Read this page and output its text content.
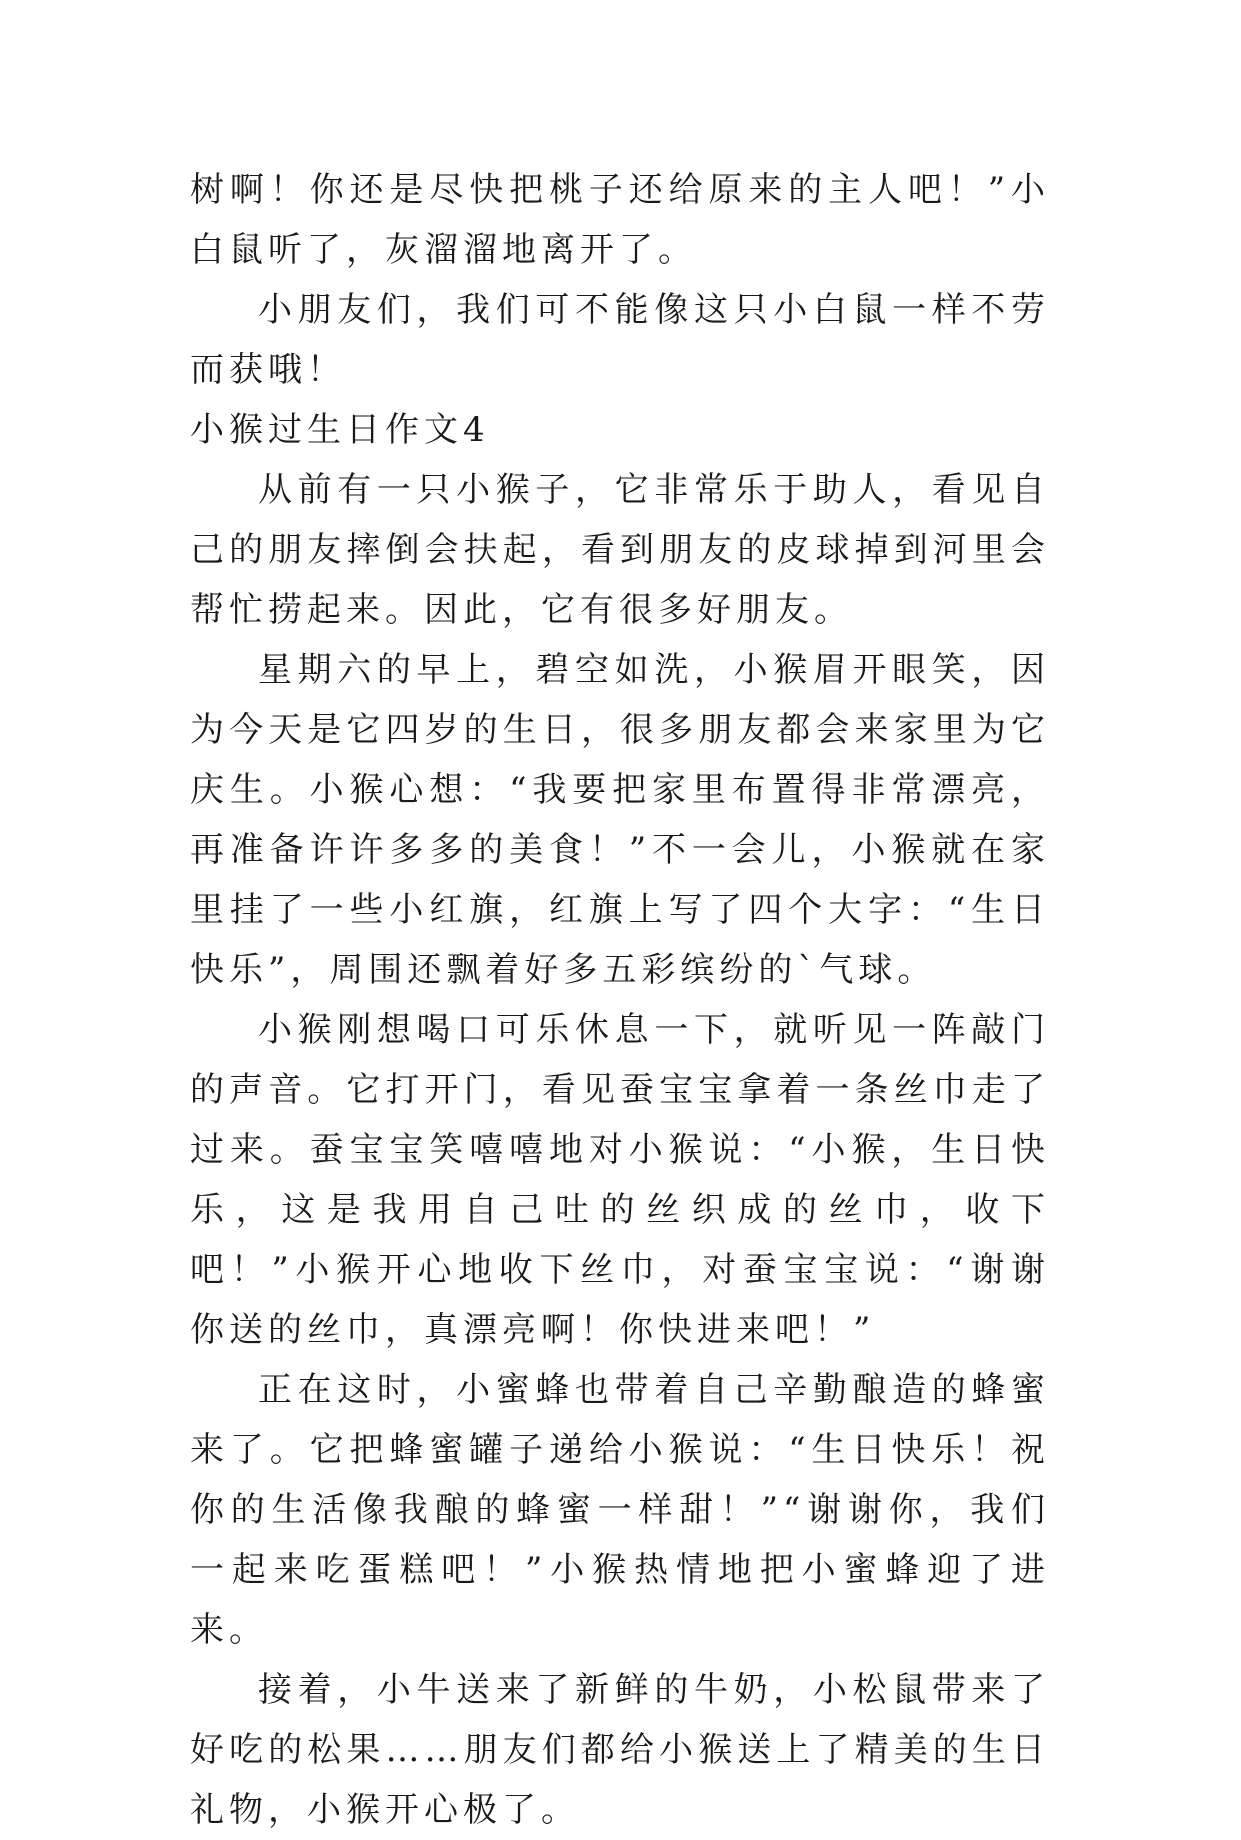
树啊！你还是尽快把桃子还给原来的主人吧！”小白鼠听了，灰溜溜地离开了。

小朋友们，我们可不能像这只小白鼠一样不劳而获哦！

小猴过生日作文4

从前有一只小猴子，它非常乐于助人，看见自己的朋友摔倒会扶起，看到朋友的皮球掉到河里会帮忙捞起来。因此，它有很多好朋友。

星期六的早上，碧空如洗，小猴眉开眼笑，因为今天是它四岁的生日，很多朋友都会来家里为它庆生。小猴心想：“我要把家里布置得非常漂亮，再准备许许多多的美食！”不一会儿，小猴就在家里挂了一些小红旗，红旗上写了四个大字：“生日快乐”，周围还飘着好多五彩缤纷的`气球。

小猴刚想喝口可乐休息一下，就听见一阵敲门的声音。它打开门，看见蚕宝宝拿着一条丝巾走了过来。蚕宝宝笑嘻嘻地对小猴说：“小猴，生日快乐，这是我用自己吐的丝织成的丝巾，收下吧！”小猴开心地收下丝巾，对蚕宝宝说：“谢谢你送的丝巾，真漂亮啊！你快进来吧！”

正在这时，小蜜蜂也带着自己辛勤酿造的蜂蜜来了。它把蜂蜜罐子递给小猴说：“生日快乐！祝你的生活像我酿的蜂蜜一样甜！”“谢谢你，我们一起来吃蛋糕吧！”小猴热情地把小蜜蜂迎了进来。

接着，小牛送来了新鲜的牛奶，小松鼠带来了好吃的松果……朋友们都给小猴送上了精美的生日礼物，小猴开心极了。
